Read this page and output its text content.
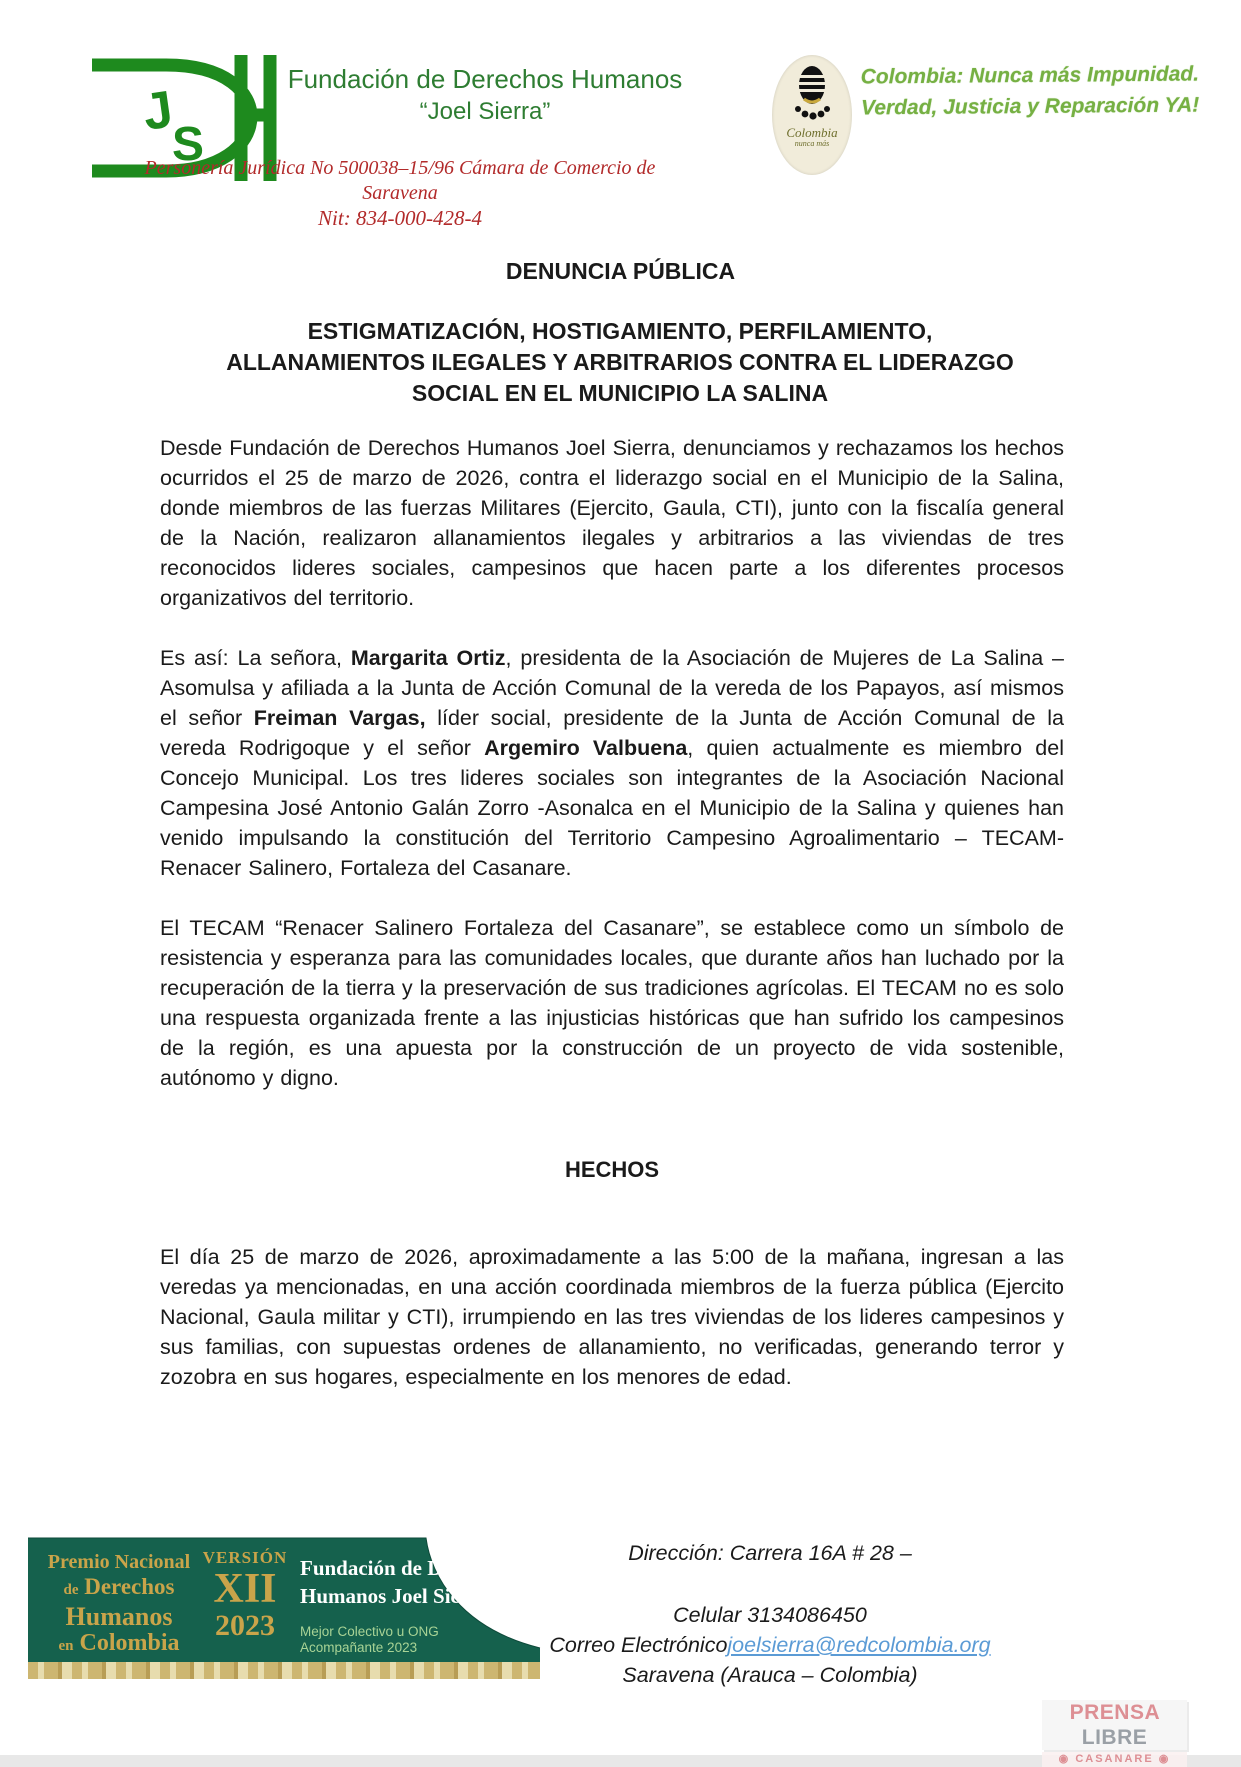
J
S
Fundación de Derechos Humanos
“Joel Sierra”
Personería Jurídica No 500038–15/96 Cámara de Comercio de
Saravena
Nit: 834-000-428-4
Colombia
nunca más
Colombia: Nunca más Impunidad.
Verdad, Justicia y Reparación YA!
DENUNCIA PÚBLICA
ESTIGMATIZACIÓN, HOSTIGAMIENTO, PERFILAMIENTO,
ALLANAMIENTOS ILEGALES Y ARBITRARIOS CONTRA EL LIDERAZGO
SOCIAL EN EL MUNICIPIO LA SALINA

Desde Fundación de Derechos Humanos Joel Sierra, denunciamos y rechazamos los hechos ocurridos el 25 de marzo de 2026, contra el liderazgo social en el Municipio de la Salina, donde miembros de las fuerzas Militares (Ejercito, Gaula, CTI), junto con la fiscalía general de la Nación, realizaron allanamientos ilegales y arbitrarios a las viviendas de tres reconocidos lideres sociales, campesinos que hacen parte a los diferentes procesos organizativos del territorio.

Es así: La señora, Margarita Ortiz, presidenta de la Asociación de Mujeres de La Salina – Asomulsa y afiliada a la Junta de Acción Comunal de la vereda de los Papayos, así mismos el señor Freiman Vargas, líder social, presidente de la Junta de Acción Comunal de la vereda Rodrigoque y el señor Argemiro Valbuena, quien actualmente es miembro del Concejo Municipal. Los tres lideres sociales son integrantes de la Asociación Nacional Campesina José Antonio Galán Zorro -Asonalca en el Municipio de la Salina y quienes han venido impulsando la constitución del Territorio Campesino Agroalimentario – TECAM-Renacer Salinero, Fortaleza del Casanare.

El TECAM “Renacer Salinero Fortaleza del Casanare”, se establece como un símbolo de resistencia y esperanza para las comunidades locales, que durante años han luchado por la recuperación de la tierra y la preservación de sus tradiciones agrícolas. El TECAM no es solo una respuesta organizada frente a las injusticias históricas que han sufrido los campesinos de la región, es una apuesta por la construcción de un proyecto de vida sostenible, autónomo y digno.

HECHOS

El día 25 de marzo de 2026, aproximadamente a las 5:00 de la mañana, ingresan a las veredas ya mencionadas, en una acción coordinada miembros de la fuerza pública (Ejercito Nacional, Gaula militar y CTI), irrumpiendo en las tres viviendas de los lideres campesinos y sus familias, con supuestas ordenes de allanamiento, no verificadas, generando terror y zozobra en sus hogares, especialmente en los menores de edad.

Premio Nacional
de Derechos
Humanos
en Colombia
VERSIÓN
XII
2023
Fundación de Derechos
Humanos Joel Sierra
Mejor Colectivo u ONG Acompañante 2023
Dirección: Carrera 16A # 28 –
Celular 3134086450
Correo Electrónicojoelsierra@redcolombia.org
Saravena (Arauca – Colombia)
PRENSA LIBRE
◉ CASANARE ◉
